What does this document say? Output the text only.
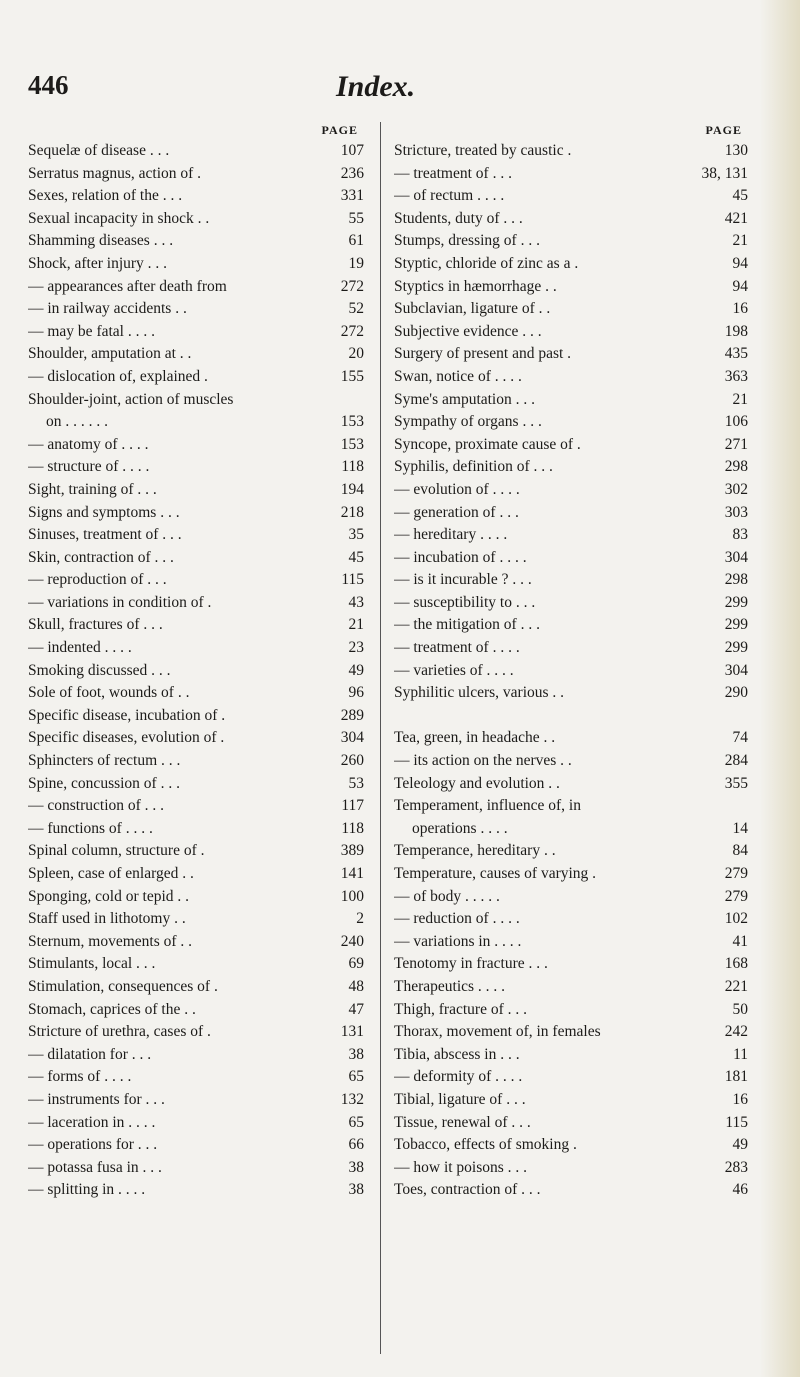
446	Index.
PAGE
Sequelæ of disease . . .	107
Serratus magnus, action of .	236
Sexes, relation of the . . .	331
Sexual incapacity in shock . .	55
Shamming diseases . . .	61
Shock, after injury . . .	19
— appearances after death from	272
— in railway accidents . .	52
— may be fatal . . . .	272
Shoulder, amputation at . .	20
— dislocation of, explained .	155
Shoulder-joint, action of muscles
on . . . . . .	153
— anatomy of . . . .	153
— structure of . . . .	118
Sight, training of . . .	194
Signs and symptoms . . .	218
Sinuses, treatment of . . .	35
Skin, contraction of . . .	45
— reproduction of . . .	115
— variations in condition of .	43
Skull, fractures of . . .	21
— indented . . . .	23
Smoking discussed . . .	49
Sole of foot, wounds of . .	96
Specific disease, incubation of .	289
Specific diseases, evolution of .	304
Sphincters of rectum . . .	260
Spine, concussion of . . .	53
— construction of . . .	117
— functions of . . . .	118
Spinal column, structure of .	389
Spleen, case of enlarged . .	141
Sponging, cold or tepid . .	100
Staff used in lithotomy . .	2
Sternum, movements of . .	240
Stimulants, local . . .	69
Stimulation, consequences of .	48
Stomach, caprices of the . .	47
Stricture of urethra, cases of .	131
— dilatation for . . .	38
— forms of . . . .	65
— instruments for . . .	132
— laceration in . . . .	65
— operations for . . .	66
— potassa fusa in . . .	38
— splitting in . . . .	38
PAGE
Stricture, treated by caustic .	130
— treatment of . . .	38, 131
— of rectum . . . .	45
Students, duty of . . .	421
Stumps, dressing of . . .	21
Styptic, chloride of zinc as a .	94
Styptics in hæmorrhage . .	94
Subclavian, ligature of . .	16
Subjective evidence . . .	198
Surgery of present and past .	435
Swan, notice of . . . .	363
Syme's amputation . . .	21
Sympathy of organs . . .	106
Syncope, proximate cause of .	271
Syphilis, definition of . . .	298
— evolution of . . . .	302
— generation of . . .	303
— hereditary . . . .	83
— incubation of . . . .	304
— is it incurable ? . . .	298
— susceptibility to . . .	299
— the mitigation of . . .	299
— treatment of . . . .	299
— varieties of . . . .	304
Syphilitic ulcers, various . .	290
Tea, green, in headache . .	74
— its action on the nerves . .	284
Teleology and evolution . .	355
Temperament, influence of, in
operations . . . .	14
Temperance, hereditary . .	84
Temperature, causes of varying .	279
— of body . . . . .	279
— reduction of . . . .	102
— variations in . . . .	41
Tenotomy in fracture . . .	168
Therapeutics . . . .	221
Thigh, fracture of . . .	50
Thorax, movement of, in females	242
Tibia, abscess in . . .	11
— deformity of . . . .	181
Tibial, ligature of . . .	16
Tissue, renewal of . . .	115
Tobacco, effects of smoking .	49
— how it poisons . . .	283
Toes, contraction of . . .	46
